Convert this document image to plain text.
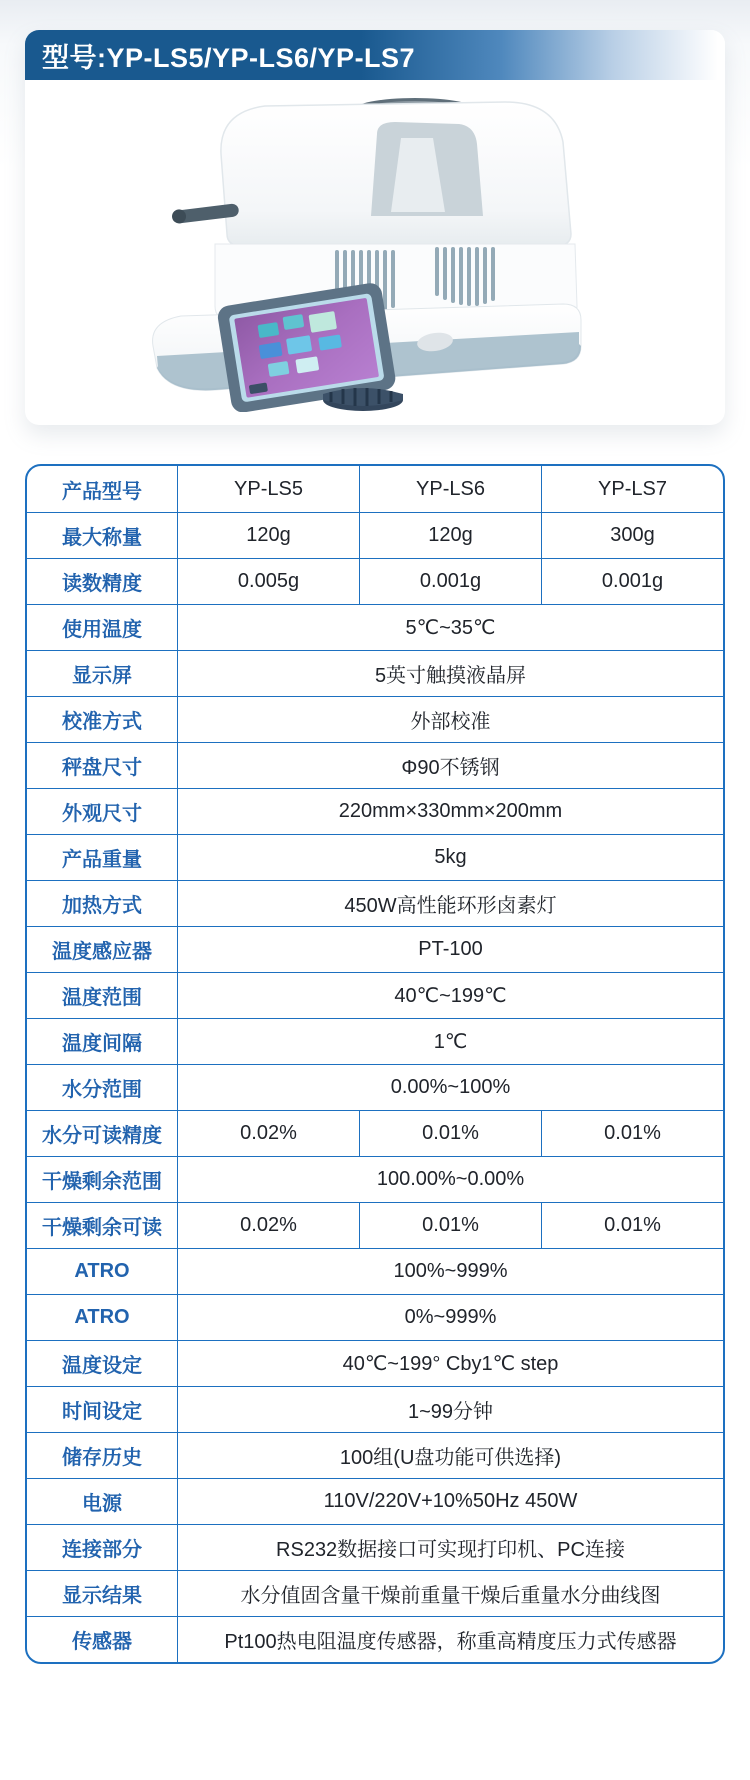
型号:YP-LS5/YP-LS6/YP-LS7
产品型号	YP-LS5	YP-LS6	YP-LS7
最大称量	120g	120g	300g
读数精度	0.005g	0.001g	0.001g
使用温度	5℃~35℃
显示屏	5英寸触摸液晶屏
校准方式	外部校准
秤盘尺寸	Φ90不锈钢
外观尺寸	220mm×330mm×200mm
产品重量	5kg
加热方式	450W高性能环形卤素灯
温度感应器	PT-100
温度范围	40℃~199℃
温度间隔	1℃
水分范围	0.00%~100%
水分可读精度	0.02%	0.01%	0.01%
干燥剩余范围	100.00%~0.00%
干燥剩余可读	0.02%	0.01%	0.01%
ATRO	100%~999%
ATRO	0%~999%
温度设定	40℃~199° Cby1℃ step
时间设定	1~99分钟
储存历史	100组(U盘功能可供选择)
电源	110V/220V+10%50Hz 450W
连接部分	RS232数据接口可实现打印机、PC连接
显示结果	水分值固含量干燥前重量干燥后重量水分曲线图
传感器	Pt100热电阻温度传感器，称重高精度压力式传感器
